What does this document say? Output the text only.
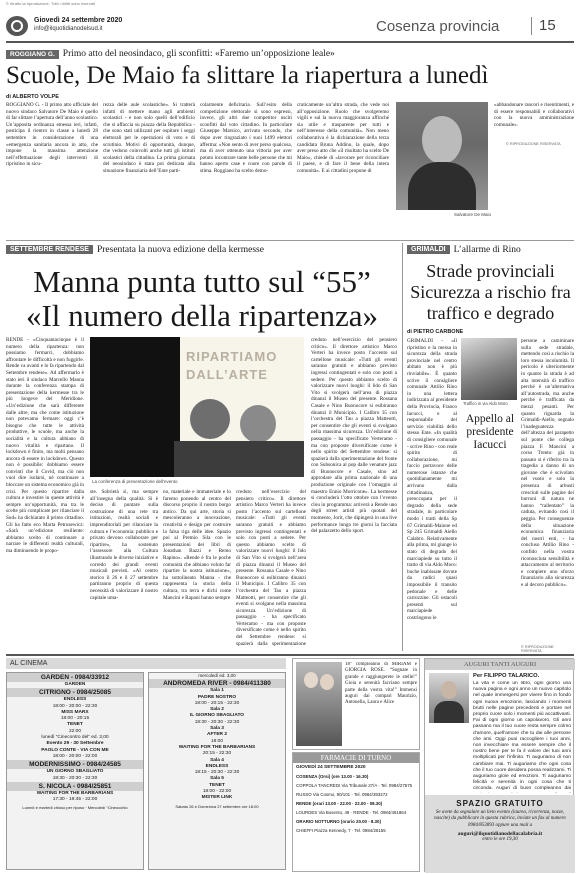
© ritratto la riproduzione. Tutti i diritti sono riservati
Giovedì 24 settembre 2020
info@ilquotidianodelsud.it	Cosenza provincia	15
ROGGIANO G. Primo atto del neosindaco, gli sconfitti: «Faremo un’opposizione leale»
Scuole, De Maio fa slittare la riapertura a lunedì
di ALBERTO VOLPE
ROGGIANO G. - Il primo atto ufficiale del nuovo sindaco Salvatore De Maio è quello di far slittare l’apertura dell’anno scolastico. Un’apposita ordinanza emessa ieri, infatti, posticipa il rientro in classe a lunedì 28 settembre in considerazione di una «emergenza sanitaria ancora in atto, che impone la massima attenzione nell’effettuazione degli interventi di ripristino in sicu-
rezza delle aule scolastiche». Si tratterà infatti di mettere mano agli ambienti scolastici - e non solo quelli dell’edificio che si affaccia su piazza della Repubblica - che sono stati utilizzati per ospitare i seggi elettorali per le operazioni di voto e di scrutinio. Motivi di opportunità, dunque, che vedono coinvolti anche tutti gli istituti scolastici della cittadina. La prima giornata del neosindaco è stata poi dedicata alla situazione finanziaria dell’Ente parti-
colarmente deficitaria. Sull’esito della competizione elettorale si sono espressi, invece, gli altri due competitor usciti sconfitti dal voto cittadino. In particolare Giuseppe Marsico, arrivato secondo, che dopo aver ringraziato i suoi 1499 elettori afferma: «Non sento di aver perso qualcosa, ma di aver ottenuto una vittoria per aver potuto incontrare tante belle persone che mi hanno aperto case e cuore con parole di stima. Roggiano ha scelto demo-
craticamente un’altra strada, che vede noi all’opposizione. Ruolo che svolgeremo vigili e sul la nuova maggioranza affinché sia utile e trasparente per tutti e nell’interesse della comunità». Non meno collaborativa è la dichiarazione della terza candidata Bruna Addino, la quale, dopo aver preso atto che «il risultato ha scelto De Maio», chiede di «lavorare per riconciliare il paese, e di fare il bene della intera comunità». E ai cittadini propone di
Salvatore De Maio
«abbandonare rancori e risentimenti, e di essere responsabili e collaborativi con la nuova amministrazione comunale».
© RIPRODUZIONE RISERVATA
SETTEMBRE RENDESE Presentata la nuova edizione della kermesse
Manna punta tutto sul “55”
«Il numero della ripartenza»
RENDE - «Cinquantacinque è il numero della ripartenza: non possiamo fermarci, dobbiamo affrontare le difficoltà e non fuggirle. Rende va avanti e lo fa ripartendo dal Settembre rendese». Ad affermarlo è stato ieri il sindaco Marcello Manna durante la conferenza stampa di presentazione della kermesse tra le più longeve del Meridione. «Un’edizione che sarà differente dalle altre, ma che come istituzione non potevamo fermare: oggi c’è bisogno che tutte le attività produttive, le scuole, ma anche la socialità e la cultura abbiano di nuovo vitalità e ripartano. Il lockdown è finito, ma molti pensano ancora di essere in lockdown. Questo non è possibile: dobbiamo essere convinti che il Covid, ma ciò non vuol dire isolarsi, né continuare a bloccare un sistema economico già in crisi. Per questo ripartire dalla cultura e investire in queste attività è sempre un’opportunità, ma tra le scelte più complicate per rilanciare il Sud» ha dichiarato il primo cittadino. Gli ha fatto eco Marta Petrusewicz: «Sarà un’edizione resiliente: abbiamo scelto di continuare a narrare le differenti realtà culturali, ma diminuendo le propo-
RIPARTIAMO
DALL’ARTE
La conferenza di presentazione dell’evento
ste. Sobrietà sì, ma sempre all’insegna della qualità. Si è deciso di puntare sulla costruzione di una rete tra istituzioni, realtà sociali e imprenditoriali per rilanciare la cultura e l’economia: pubblico e privato devono collaborare per ripartire», ha sostenuto l’assessore alla Cultura illustrando le diverse iniziative e corredo dei grandi eventi musicali previsti. «Al centro storico il 26 e il 27 settembre partiranno proprio di questa necessità di valorizzare il nostro capitale uma-
no, materiale e immateriale e lo faremo ponendo al centro del discorso proprio il nostro borgo antico. Da qui arte, storia si mescoleranno a innovazione, creatività e design per costruire la falsa riga delle idee. Spazio poi al Premio Sila con le presentazioni dei libri di Jonathan Bazzi e Remo Rapino». «Rende è fra le poche comunità che abbiano voluto far ripartire la nostra istituzione», ha sottolineato Manna - che rappresenta la storia della cultura, tra terra e dichi come Mancini e Rapani hanno sempre
creduto nell’esercizio del pensiero critico». Il direttore artistico Marco Verteri ha invece posto l’accento sul cartellone musicale: «Tutti gli eventi saranno gratuiti e abbiamo previsto ingressi contingentati e solo con posti a sedere. Per questo abbiamo scelto di valorizzare nuovi luoghi: il lido di San Vito si svolgerà nell’area di piazza dinanzi il Museo del presente. Rossana Casale e Nino Buonocore si esibiranno dinanzi il Municipio. I Calibro 35 con l’orchestra del Tau a piazza Matteotti, per consentire che gli eventi si svolgano nella massima sicurezza. Un’edizione di passaggio - ha specificato Verteramo - ma con proposte diversificate come è nello spirito del Settembre rendese: si spazierà dalla sperimentazione
creduto nell’esercizio del pensiero critico». Il direttore artistico Marco Verteri ha invece posto l’accento sul cartellone musicale: «Tutti gli eventi saranno gratuiti e abbiamo previsto ingressi contingentati e solo con posti a sedere. Per questo abbiamo scelto di valorizzare nuovi luoghi: il lido di San Vito si svolgerà nell’area di piazza dinanzi il Museo del presente. Rossana Casale e Nino Buonocore si esibiranno dinanzi il Municipio. I Calibro 35 con l’orchestra del Tau a piazza Matteotti, per consentire che gli eventi si svolgano nella massima sicurezza. Un’edizione di passaggio - ha specificato Verteramo - ma con proposte diversificate come è nello spirito del Settembre rendese: si spazierà dalla sperimentazione del fronte con Subsonica al pop dalle venature jazz di Buonocore e Casale, sino ad approdare alla prima nazionale di una produzione originale con l’omaggio al maestro Ennio Morricone». La kermesse si concluderà l’otto ottobre con l’evento clou in programma: arriverà a Rende uno degli street artisti più quotati del momento, Jorit, che dipingerà in una live performance lungo tre giorni la facciata del palazzetto dello sport.
GRIMALDI L’allarme di Rino
Strade provinciali Sicurezza a rischio fra traffico e degrado
di PIETRO CARBONE
GRIMALDI - «Il ripristino e la messa in sicurezza della strada provinciale nel centro abitato non è più rinviabile». È quanto scrive il consigliere comunale Attilio Rino in una lettera indirizzata al presidente della Provincia, Franco Iacucci, e al responsabile del servizio viabilità dello stesso Ente. «In qualità di consigliere comunale - scrive Rino - con reale spirito di collaborazione, mi faccio portavoce delle numerose istanze che quotidianamente mi arrivano dalla cittadinanza, preoccupata per il degrado della sede stradale, in particolare modo i tratti della Sp 67 Grimaldi-Maione ed Sp 245 Grimaldi Aiello Calabro. Relativamente alla prima, mi giunge lo stato di degrado del marciapiede su tutto il tratto di via Aldo Moro: buche inabissate dovute da radici quasi impossibile il transito pedonale e delle carrozzine. Gli ostacoli presenti sul marciapiede costringono le
Traffico in via Aldo Moro
Appello al presidente Iacucci
persone a camminare sulla sede stradale, mettendo così a rischio la loro stessa incolumità. Il pericolo è ulteriormente in quanto la strada è ad alta intensità di traffico perché è un’alternativa all’autostrada, ma anche perché è trafficata da mezzi pesanti. Per quanto riguarda la Grimaldi-Aiello, segnalo l’inadeguatezza dell’altezza del parapetto sul ponte che collega piazza F. Mancini a corso Trento: già in passato si è riferito tra la tragedia a danno di un giovane che è scivolato nel vuoto e solo la presenza di arbusti cresciuti sulle pagine dei burroni di natura ne hanno “rallentato” la caduta, evitando così il peggio. Per conseguenze della situazione economica finanziaria del nostri enti, - ha concluso Attilio Rino - confido nella vostra riconosciuta sensibilità e attaccamento al territorio e compiere uno sforzo finanziario alla sicurezza e al decoro pubblico».
© RIPRODUZIONE RISERVATA
AL CINEMA
GARDEN - 0984/33912
GARDEN
CITRIGNO - 0984/25085
ENDLESS
18:00 - 20:00 - 22:30
MISS MARX
18:00 - 20:15
TENET
22:00
lunedì “Cinecontro del” ed. 3,00
Evento 29 - 30 Settembre
PAOLO CONTE - VIA CON ME
18:00 - 20:00 - 22:00
MODERNISSIMO - 0984/24585
UN GIORNO SBAGLIATO
18:30 - 20:30 - 22:30
S. NICOLA - 0984/25851
WAITING FOR THE BARBARIANS
17:30 - 19:45 - 22:00
Lunedì e martedì chiuso per riposo · Mercoledì “Cineocchio
mercoledì ed. 3,00
ANDROMEDA RIVER - 0984/411380
Sala 1
PADRE NOSTRO
18:00 - 20:15 - 22:30
Sala 2
IL GIORNO SBAGLIATO
18:30 - 20:30 - 22:30
Sala 3
AFTER 2
18:00
WAITING FOR THE BARBARIANS
20:15 - 22:30
Sala 4
ENDLESS
18:15 - 20:30 - 22:30
Sala 5
TENET
18:00 - 22:00
MISTER LINK
Sabato 26 e Domenica 27 settembre ore 18:00
18° compleanno di MIRIAM e GIORGIA ROSE. “Sognate in grande e raggiungerete le stelle!” Gioia e serenità facciano sempre parte della vostra vita!” Immensi auguri dai compari Maurizio, Antonella, Laura e Alice
FARMACIE DI TURNO
GIOVEDÌ 24 SETTEMBRE 2020
COSENZA (Orsi) (ore 13.00 - 16.30)
COPPOLA TANCREDI Via Tribunale 27/A · Tel. 0984/27575
RUSSO Via Cosmo, 90/101 · Tel. 0984/393272
RENDE (orari 13.00 - 22.00 · 22.00 - 08.30)
LOURDES Via Busento, 49 · RENDE · Tel. 0984/461864
ORARIO NOTTURNO (orario 20.00 - 8.30)
CHIEFFI Piazza Kennedy, 7 · Tel. 0984/26155
AUGURI TANTI AUGURI
Per FILIPPO TALARICO.
La vita è come un libro, ogni giorno una nuova pagina e ogni anno un nuovo capitolo nel quale immergersi per vivere fino in fondo ogni nuova emozione, lasciando i momenti brutti nelle pagine precedenti e portare nel proprio cuore solo i momenti più accattivanti. Fai di ogni giorno un capolavoro. Gli anni passano ma il tuo cuore resta sempre colmo d’amore, quell’amore che tu dai alle persone che ami. Oggi puoi raccogliere i tuoi anni, non invecchiare ma essere sempre che il nostro bene per te fa il valore dei tuoi anni moltiplicati per l’infinito. Ti auguriamo di non cambiare mai. Ti auguriamo che ogni cosa che il tuo cuore desidera possa realizzarsi. Ti auguriamo gioie ed emozioni. Ti auguriamo felicità e serenità in ogni cosa che ti circonda. Auguri di buon compleanno dai
SPAZIO GRATUITO
Se avete da segnalare un lieto evento (laurea, ricorrenza, nozze, nascite) da pubblicare in questa rubrica, inviate un fax al numero 0984/853893 oppure una mail a
auguri@ilquotidianodellacalabria.it
entro le ore 19,30
